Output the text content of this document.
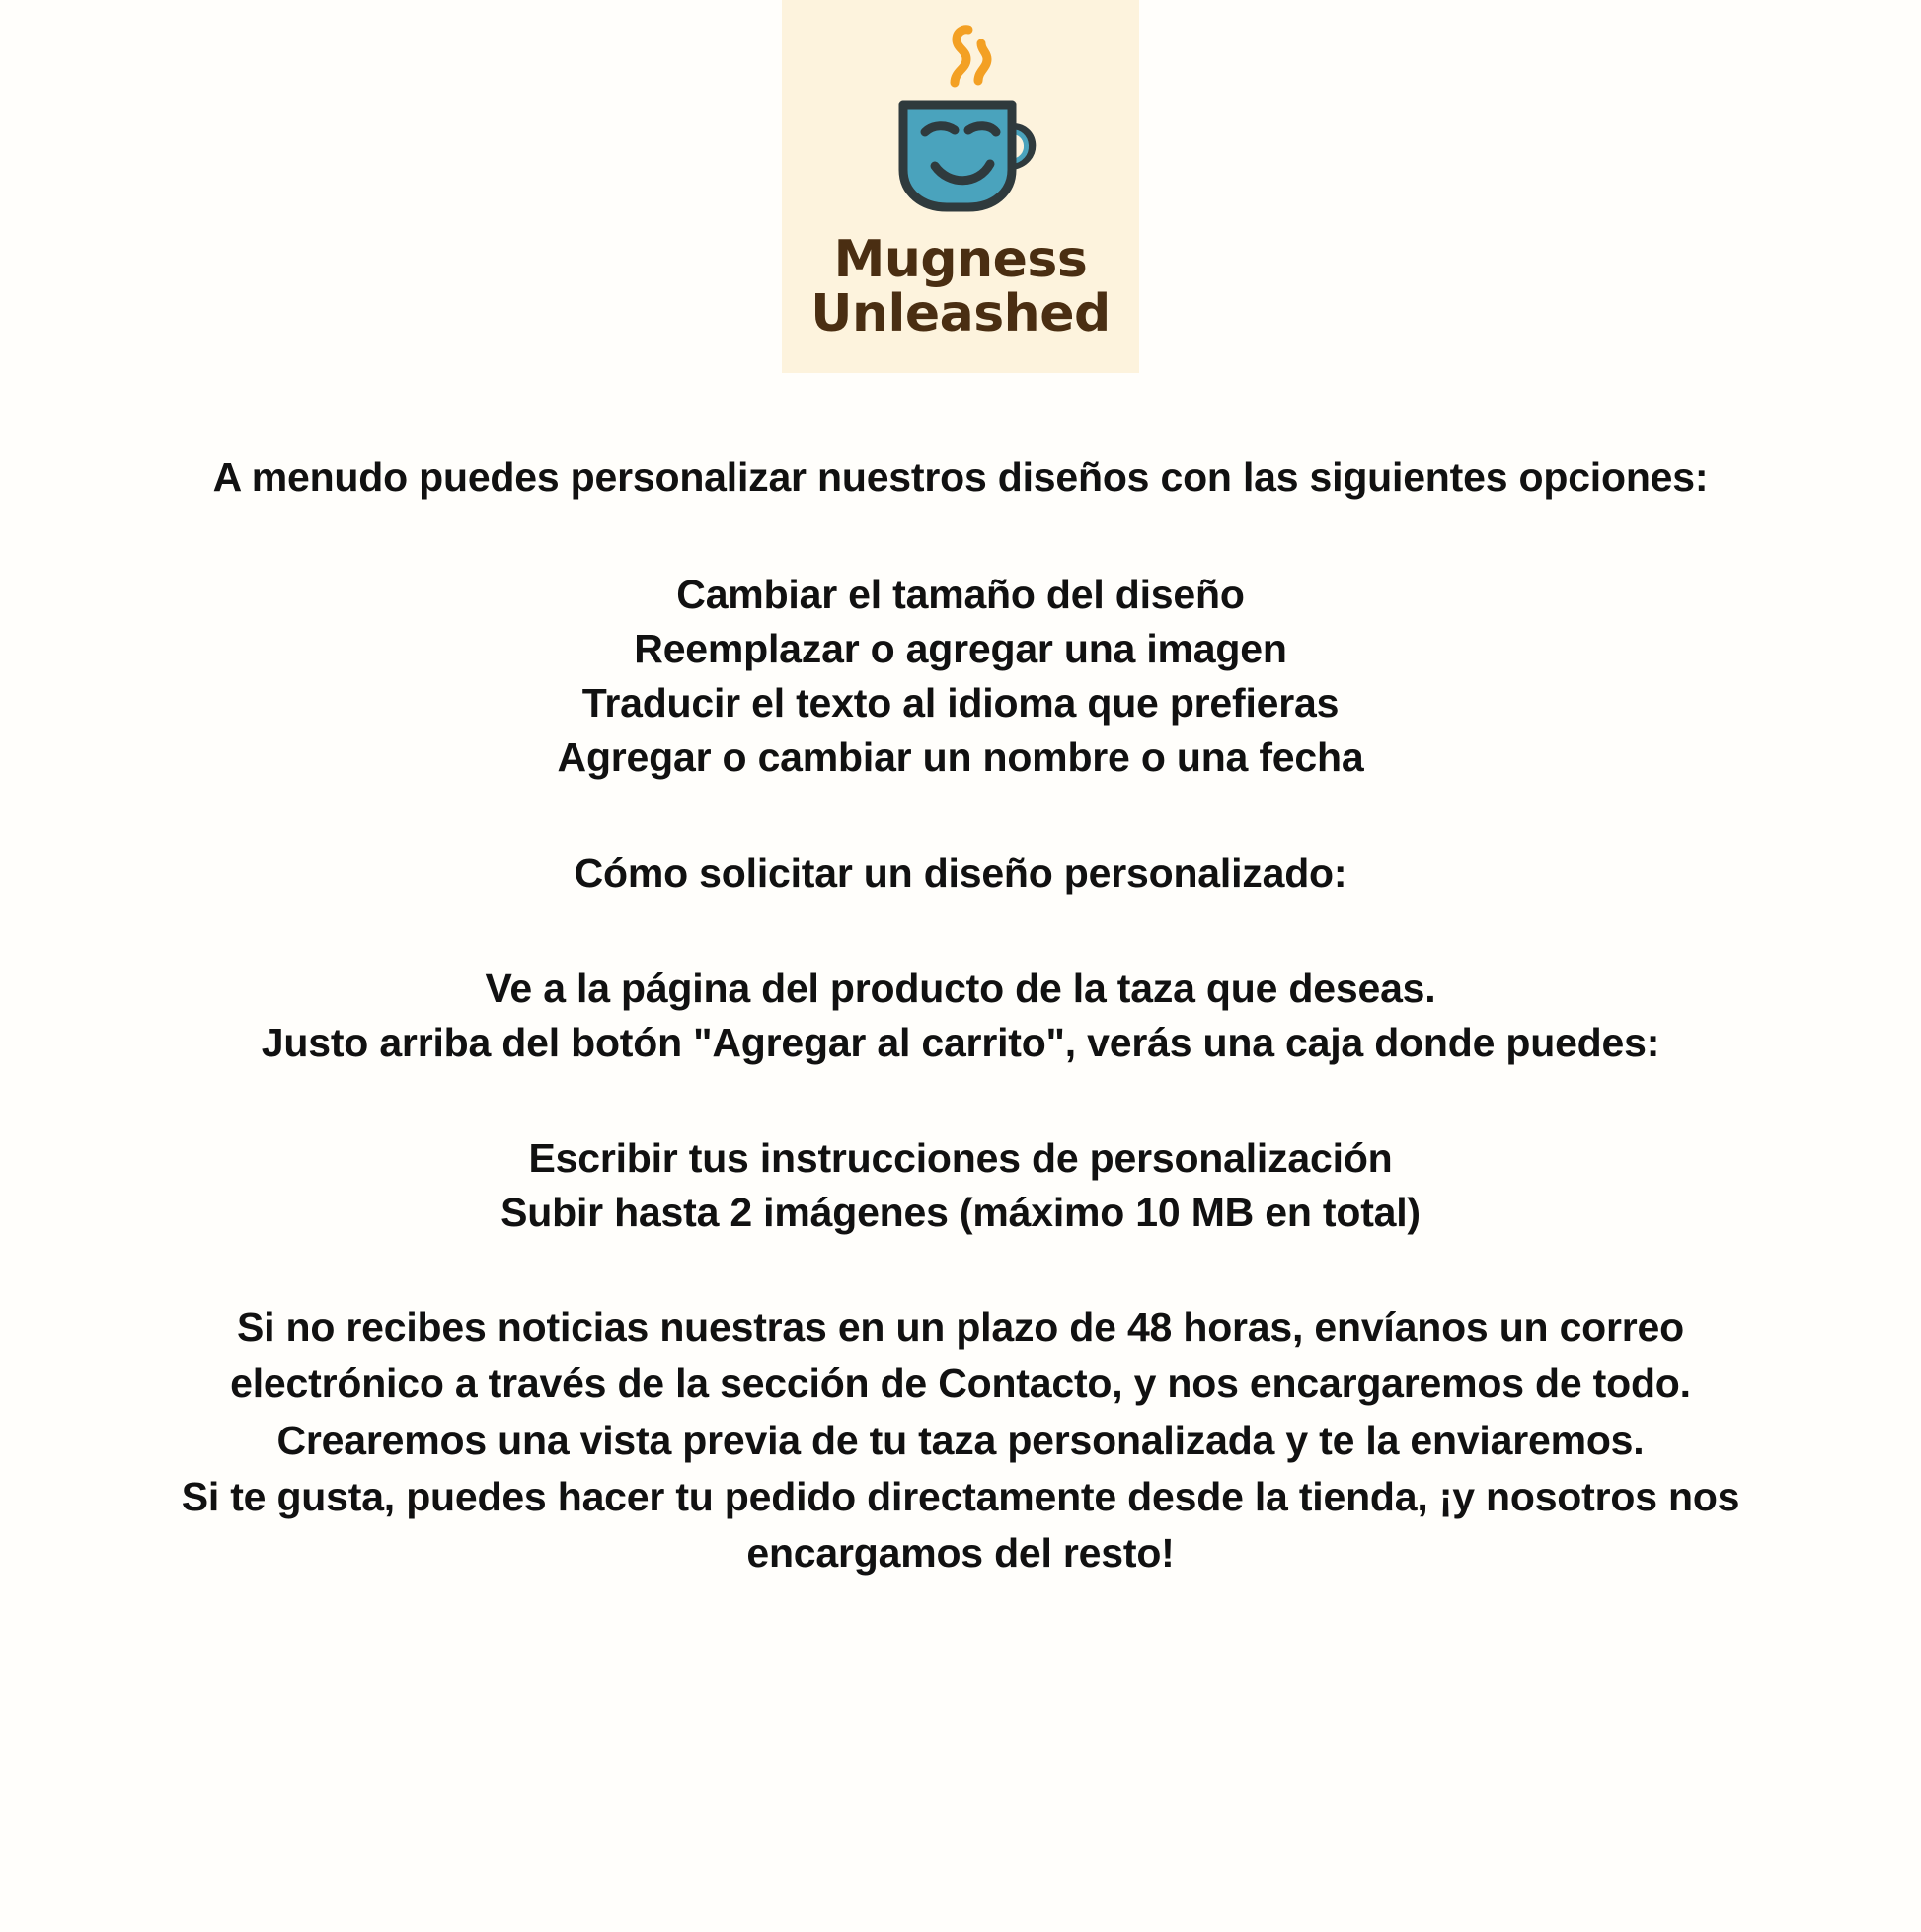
Mugness
Unleashed

A menudo puedes personalizar nuestros diseños con las siguientes opciones:

Cambiar el tamaño del diseño
Reemplazar o agregar una imagen
Traducir el texto al idioma que prefieras
Agregar o cambiar un nombre o una fecha

Cómo solicitar un diseño personalizado:

Ve a la página del producto de la taza que deseas.
Justo arriba del botón "Agregar al carrito", verás una caja donde puedes:
Escribir tus instrucciones de personalización
Subir hasta 2 imágenes (máximo 10 MB en total)
Si no recibes noticias nuestras en un plazo de 48 horas, envíanos un correo
electrónico a través de la sección de Contacto, y nos encargaremos de todo.
Crearemos una vista previa de tu taza personalizada y te la enviaremos.
Si te gusta, puedes hacer tu pedido directamente desde la tienda, ¡y nosotros nos
encargamos del resto!
